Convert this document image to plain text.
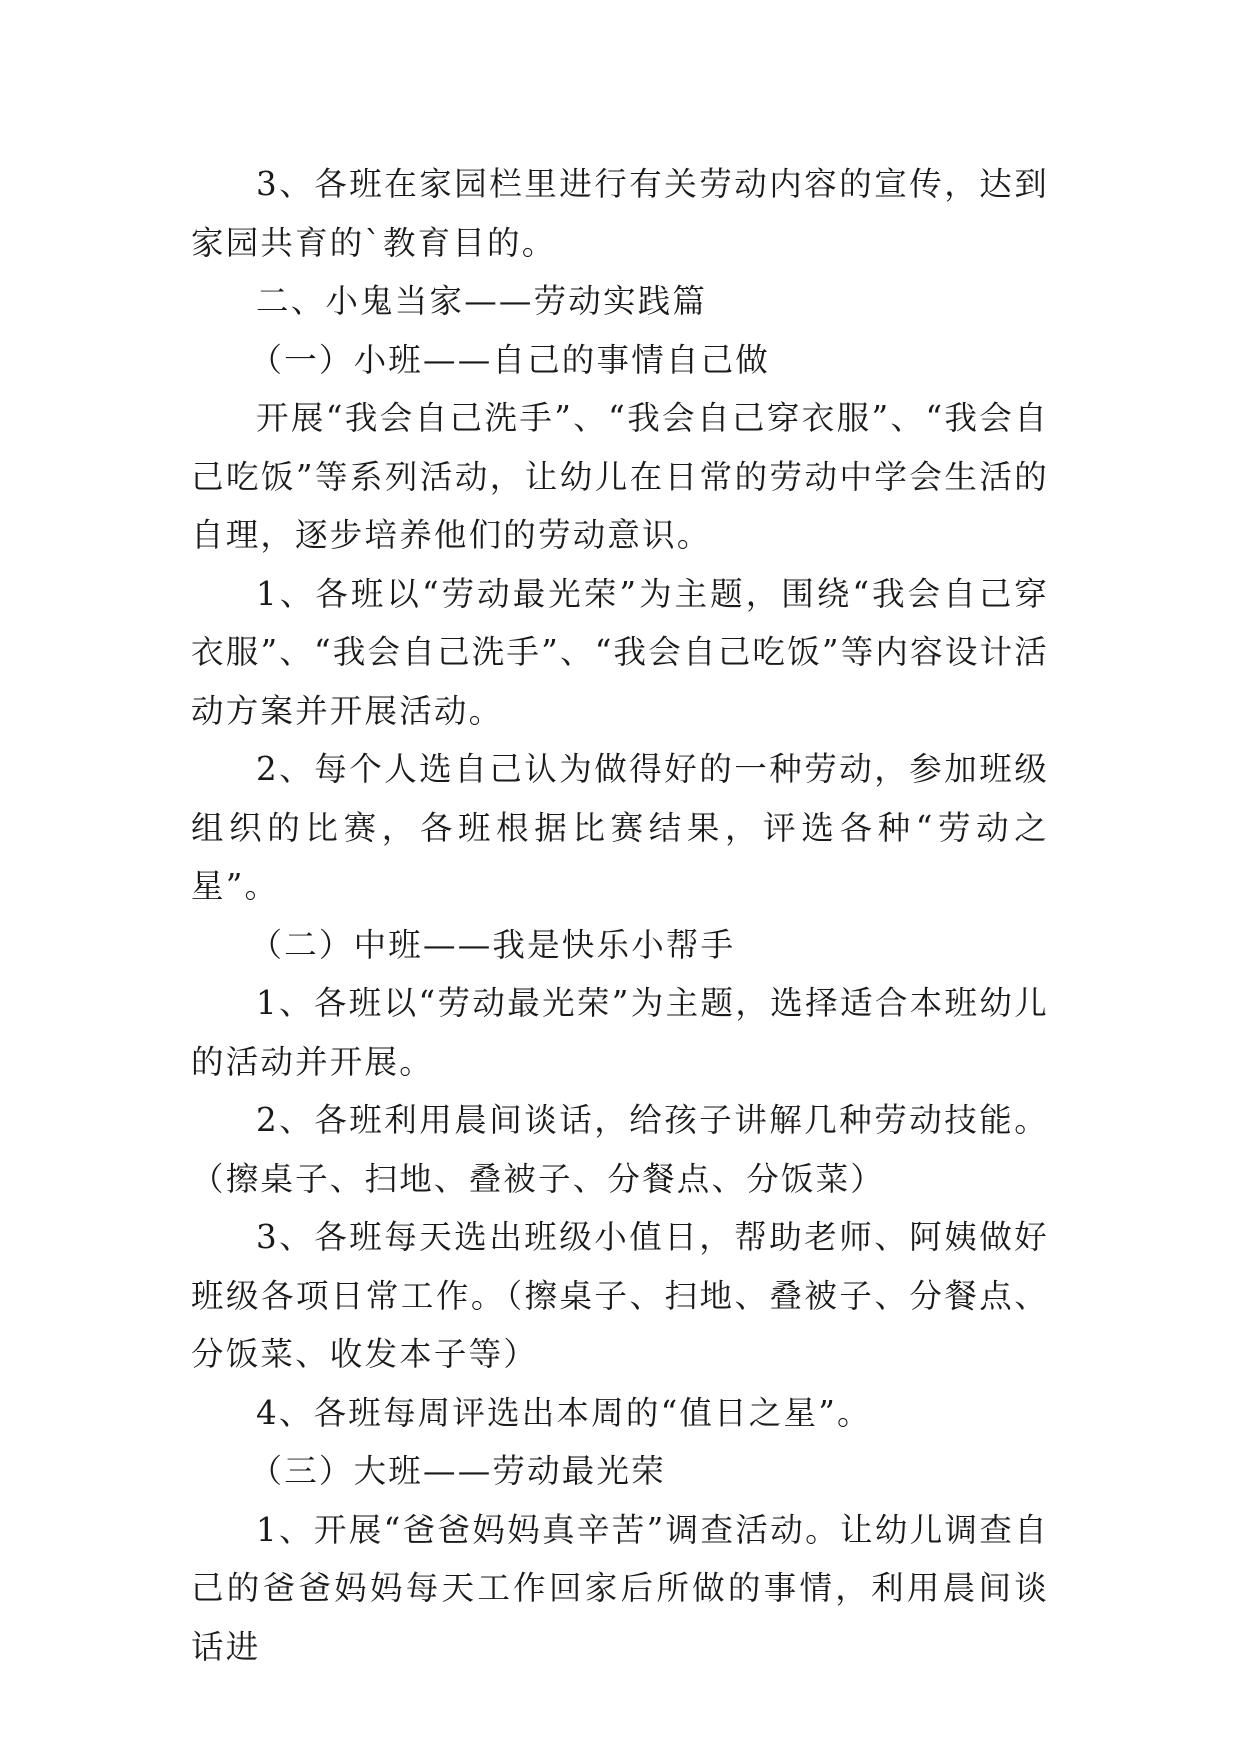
3、各班在家园栏里进行有关劳动内容的宣传，达到家园共育的`教育目的。

二、小鬼当家——劳动实践篇

（一）小班——自己的事情自己做

开展“我会自己洗手”、“我会自己穿衣服”、“我会自己吃饭”等系列活动，让幼儿在日常的劳动中学会生活的自理，逐步培养他们的劳动意识。

1、各班以“劳动最光荣”为主题，围绕“我会自己穿衣服”、“我会自己洗手”、“我会自己吃饭”等内容设计活动方案并开展活动。

2、每个人选自己认为做得好的一种劳动，参加班级组织的比赛，各班根据比赛结果，评选各种“劳动之星”。

（二）中班——我是快乐小帮手

1、各班以“劳动最光荣”为主题，选择适合本班幼儿的活动并开展。

2、各班利用晨间谈话，给孩子讲解几种劳动技能。（擦桌子、扫地、叠被子、分餐点、分饭菜）

3、各班每天选出班级小值日，帮助老师、阿姨做好班级各项日常工作。（擦桌子、扫地、叠被子、分餐点、分饭菜、收发本子等）

4、各班每周评选出本周的“值日之星”。

（三）大班——劳动最光荣

1、开展“爸爸妈妈真辛苦”调查活动。让幼儿调查自己的爸爸妈妈每天工作回家后所做的事情，利用晨间谈话进
